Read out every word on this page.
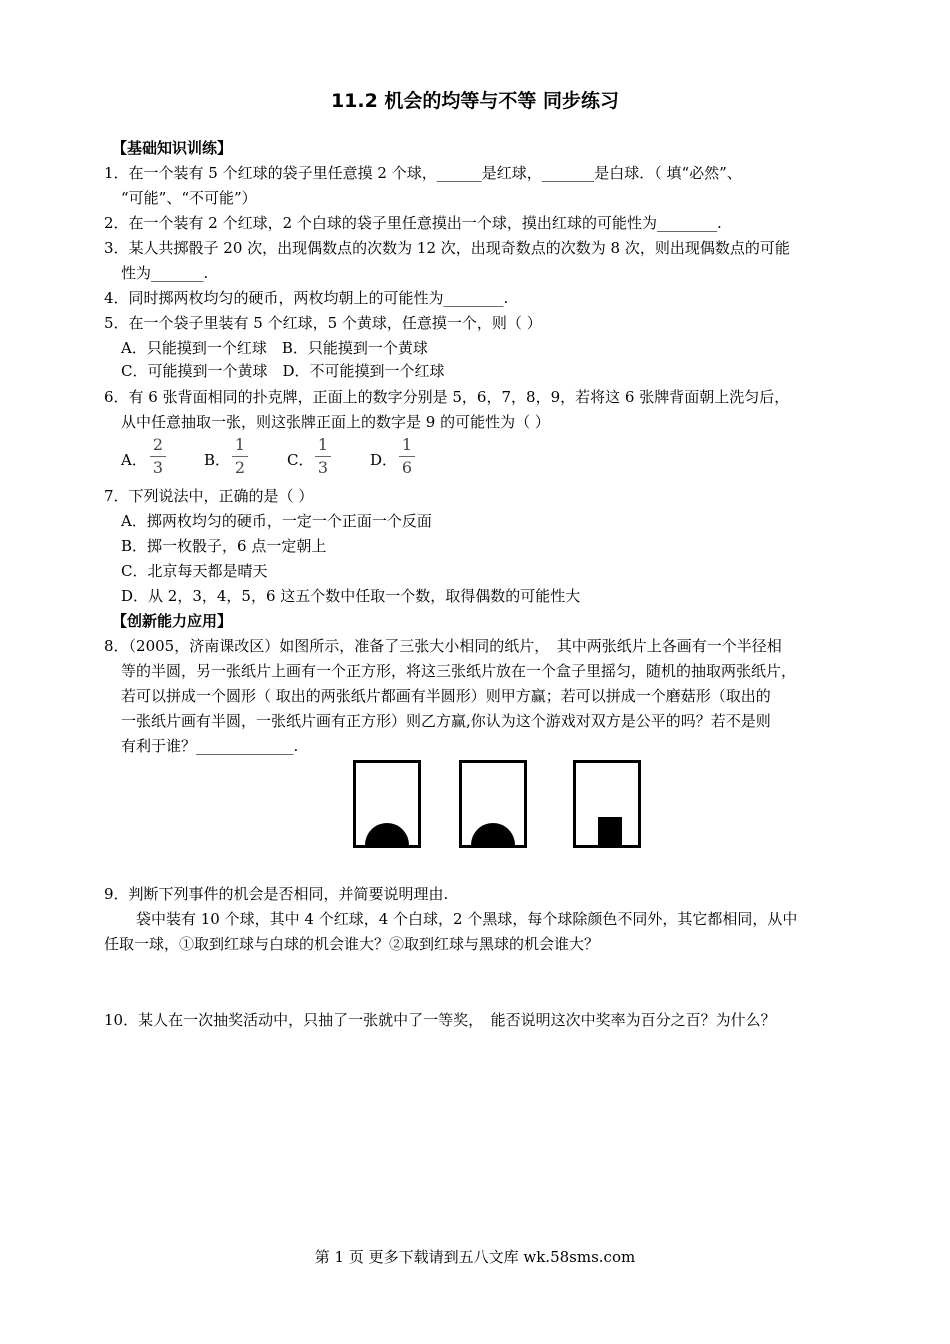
11.2 机会的均等与不等 同步练习
【基础知识训练】
1．在一个装有 5 个红球的袋子里任意摸 2 个球，______是红球，_______是白球．（ 填“必然”、
“可能”、“不可能”）
2．在一个装有 2 个红球，2 个白球的袋子里任意摸出一个球，摸出红球的可能性为________.
3．某人共掷骰子 20 次，出现偶数点的次数为 12 次，出现奇数点的次数为 8 次，则出现偶数点的可能
性为_______.
4．同时掷两枚均匀的硬币，两枚均朝上的可能性为________.
5．在一个袋子里装有 5 个红球，5 个黄球，任意摸一个，则（ ）
A．只能摸到一个红球　B．只能摸到一个黄球
C．可能摸到一个黄球　D．不可能摸到一个红球
6．有 6 张背面相同的扑克牌，正面上的数字分别是 5，6，7，8，9，若将这 6 张牌背面朝上洗匀后，
从中任意抽取一张，则这张牌正面上的数字是 9 的可能性为（ ）
A．
2
3	B．
1
2	C．
1
3	D．
1
6
7．下列说法中，正确的是（ ）
A．掷两枚均匀的硬币，一定一个正面一个反面
B．掷一枚骰子，6 点一定朝上
C．北京每天都是晴天
D．从 2，3，4，5，6 这五个数中任取一个数，取得偶数的可能性大
【创新能力应用】
8．（2005，济南课改区）如图所示，准备了三张大小相同的纸片，　其中两张纸片上各画有一个半径相
等的半圆，另一张纸片上画有一个正方形，将这三张纸片放在一个盒子里摇匀，随机的抽取两张纸片，
若可以拼成一个圆形（ 取出的两张纸片都画有半圆形）则甲方赢；若可以拼成一个磨菇形（取出的
一张纸片画有半圆，一张纸片画有正方形）则乙方赢,你认为这个游戏对双方是公平的吗？若不是则
有利于谁？_____________.
9．判断下列事件的机会是否相同，并简要说明理由.
　袋中装有 10 个球，其中 4 个红球，4 个白球，2 个黑球，每个球除颜色不同外，其它都相同，从中
任取一球，①取到红球与白球的机会谁大？②取到红球与黑球的机会谁大？
10．某人在一次抽奖活动中，只抽了一张就中了一等奖，　能否说明这次中奖率为百分之百？为什么？
第 1 页 更多下载请到五八文库 wk.58sms.com
